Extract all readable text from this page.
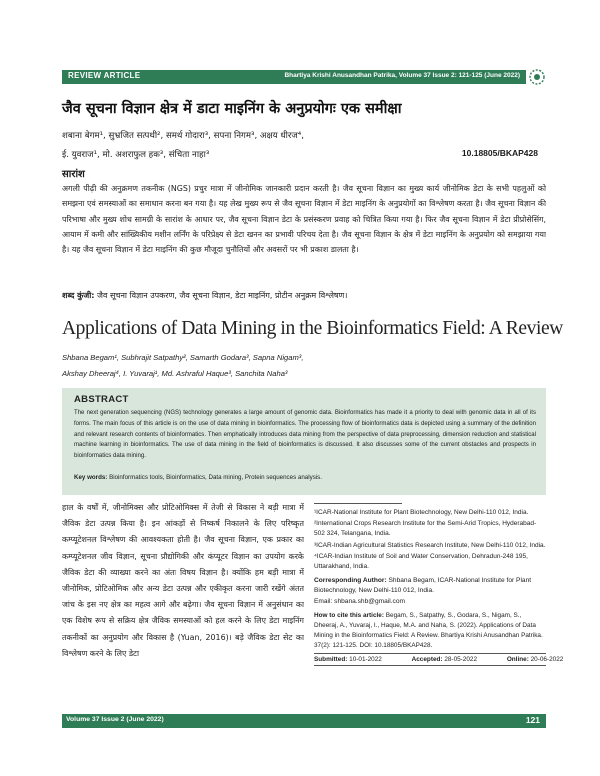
REVIEW ARTICLE	Bhartiya Krishi Anusandhan Patrika, Volume 37 Issue 2: 121-125 (June 2022)
जैव सूचना विज्ञान क्षेत्र में डाटा माइनिंग के अनुप्रयोगः एक समीक्षा
शबाना बेगम¹, सुभ्रजित सत्पथी², समर्थ गोदारा³, सपना निगम³, अक्षय धीरज⁴,
ई. युवराज¹, मो. अशराफुल हक³, संचिता नाहा³	10.18805/BKAP428
सारांश
अगली पीढ़ी की अनुक्रमण तकनीक (NGS) प्रचुर मात्रा में जीनोमिक जानकारी प्रदान करती है। जैव सूचना विज्ञान का मुख्य कार्य जीनोमिक डेटा के सभी पहलुओं को समझना एवं समस्याओं का समाधान करना बन गया है। यह लेख मुख्य रूप से जैव सूचना विज्ञान में डेटा माइनिंग के अनुप्रयोगों का विश्लेषण करता है। जैव सूचना विज्ञान की परिभाषा और मुख्य शोध सामग्री के सारांश के आधार पर, जैव सूचना विज्ञान डेटा के प्रसंस्करण प्रवाह को चित्रित किया गया है। फिर जैव सूचना विज्ञान में डेटा प्रीप्रोसेसिंग, आयाम में कमी और सांख्यिकीय मशीन लर्निंग के परिप्रेक्ष्य से डेटा खनन का प्रभावी परिचय देता है। जैव सूचना विज्ञान के क्षेत्र में डेटा माइनिंग के अनुप्रयोग को समझाया गया है। यह जैव सूचना विज्ञान में डेटा माइनिंग की कुछ मौजूदा चुनौतियों और अवसरों पर भी प्रकाश डालता है।
शब्द कुंजी: जैव सूचना विज्ञान उपकरण, जैव सूचना विज्ञान, डेटा माइनिंग, प्रोटीन अनुक्रम विश्लेषण।
Applications of Data Mining in the Bioinformatics Field: A Review
Shbana Begam¹, Subhrajit Satpathy², Samarth Godara³, Sapna Nigam³,
Akshay Dheeraj⁴, I. Yuvaraj¹, Md. Ashraful Haque³, Sanchita Naha³
ABSTRACT
The next generation sequencing (NGS) technology generates a large amount of genomic data. Bioinformatics has made it a priority to deal with genomic data in all of its forms. The main focus of this article is on the use of data mining in bioinformatics. The processing flow of bioinformatics data is depicted using a summary of the definition and relevant research contents of bioinformatics. Then emphatically introduces data mining from the perspective of data preprocessing, dimension reduction and statistical machine learning in bioinformatics. The use of data mining in the field of bioinformatics is discussed. It also discusses some of the current obstacles and prospects in bioinformatics data mining.
Key words: Bioinformatics tools, Bioinformatics, Data mining, Protein sequences analysis.
हाल के वर्षों में, जीनोमिक्स और प्रोटिओमिक्स में तेजी से विकास ने बड़ी मात्रा में जैविक डेटा उत्पन्न किया है। इन आंकड़ों से निष्कर्ष निकालने के लिए परिष्कृत कम्प्यूटेशनल विश्लेषण की आवश्यकता होती है। जैव सूचना विज्ञान, एक प्रकार का कम्प्यूटेशनल जीव विज्ञान, सूचना प्रौद्योगिकी और कंप्यूटर विज्ञान का उपयोग करके जैविक डेटा की व्याख्या करने का अंतः विषय विज्ञान है। क्योंकि हम बड़ी मात्रा में जीनोमिक, प्रोटिओमिक और अन्य डेटा उत्पन्न और एकीकृत करना जारी रखेंगे अंतत जांच के इस नए क्षेत्र का महत्व आगे और बढ़ेगा। जैव सूचना विज्ञान में अनुसंधान का एक विशेष रूप से सक्रिय क्षेत्र जैविक समस्याओं को हल करने के लिए डेटा माइनिंग तकनीकों का अनुप्रयोग और विकास है (Yuan, 2016)। बड़े जैविक डेटा सेट का विश्लेषण करने के लिए डेटा

¹ICAR-National Institute for Plant Biotechnology, New Delhi-110 012, India.

²International Crops Research Institute for the Semi-Arid Tropics, Hyderabad-502 324, Telangana, India.

³ICAR-Indian Agricultural Statistics Research Institute, New Delhi-110 012, India.

⁴ICAR-Indian Institute of Soil and Water Conservation, Dehradun-248 195, Uttarakhand, India.

Corresponding Author: Shbana Begam, ICAR-National Institute for Plant Biotechnology, New Delhi-110 012, India.
Email: shbana.shb@gmail.com
How to cite this article: Begam, S., Satpathy, S., Godara, S., Nigam, S., Dheeraj, A., Yuvaraj, I., Haque, M.A. and Naha, S. (2022). Applications of Data Mining in the Bioinformatics Field: A Review. Bhartiya Krishi Anusandhan Patrika. 37(2): 121-125. DOI: 10.18805/BKAP428.
Submitted: 10-01-2022	Accepted: 28-05-2022	Online: 20-06-2022
Volume 37 Issue 2 (June 2022)	121
